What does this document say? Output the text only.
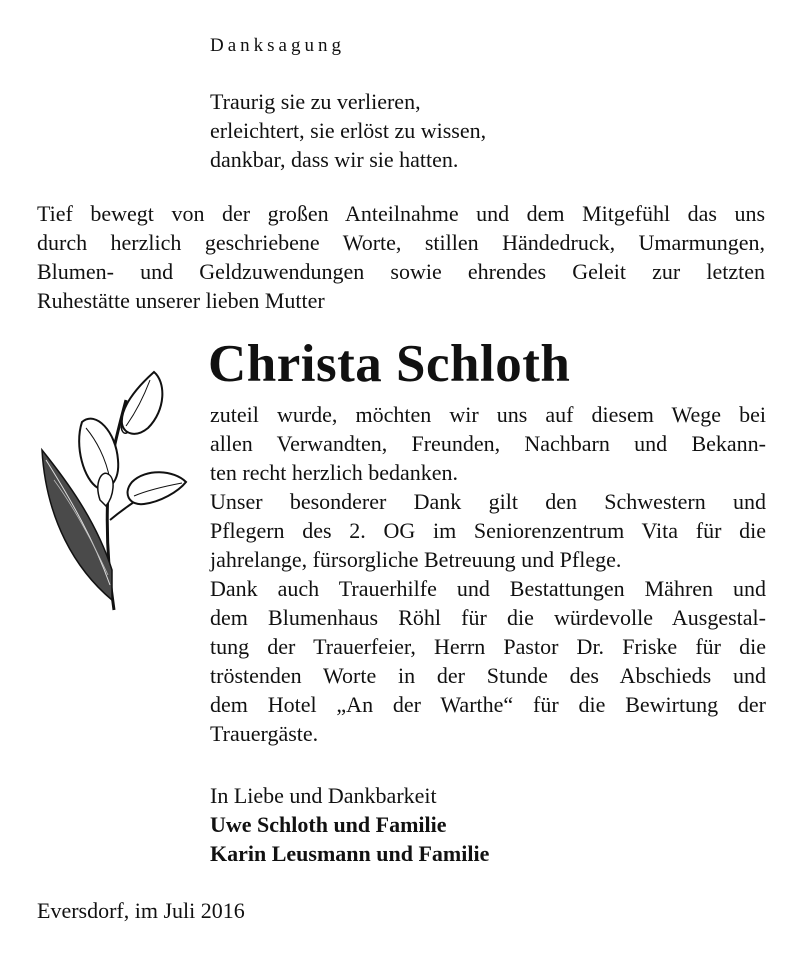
Danksagung
Traurig sie zu verlieren,
erleichtert, sie erlöst zu wissen,
dankbar, dass wir sie hatten.
Tief bewegt von der großen Anteilnahme und dem Mitgefühl das uns
durch herzlich geschriebene Worte, stillen Händedruck, Umarmungen,
Blumen- und Geldzuwendungen sowie ehrendes Geleit zur letzten
Ruhestätte unserer lieben Mutter
Christa Schloth
zuteil wurde, möchten wir uns auf diesem Wege bei
allen Verwandten, Freunden, Nachbarn und Bekann-
ten recht herzlich bedanken.
Unser besonderer Dank gilt den Schwestern und
Pflegern des 2. OG im Seniorenzentrum Vita für die
jahrelange, fürsorgliche Betreuung und Pflege.
Dank auch Trauerhilfe und Bestattungen Mähren und
dem Blumenhaus Röhl für die würdevolle Ausgestal-
tung der Trauerfeier, Herrn Pastor Dr. Friske für die
tröstenden Worte in der Stunde des Abschieds und
dem Hotel „An der Warthe“ für die Bewirtung der
Trauergäste.
In Liebe und Dankbarkeit
Uwe Schloth und Familie
Karin Leusmann und Familie
Eversdorf, im Juli 2016
